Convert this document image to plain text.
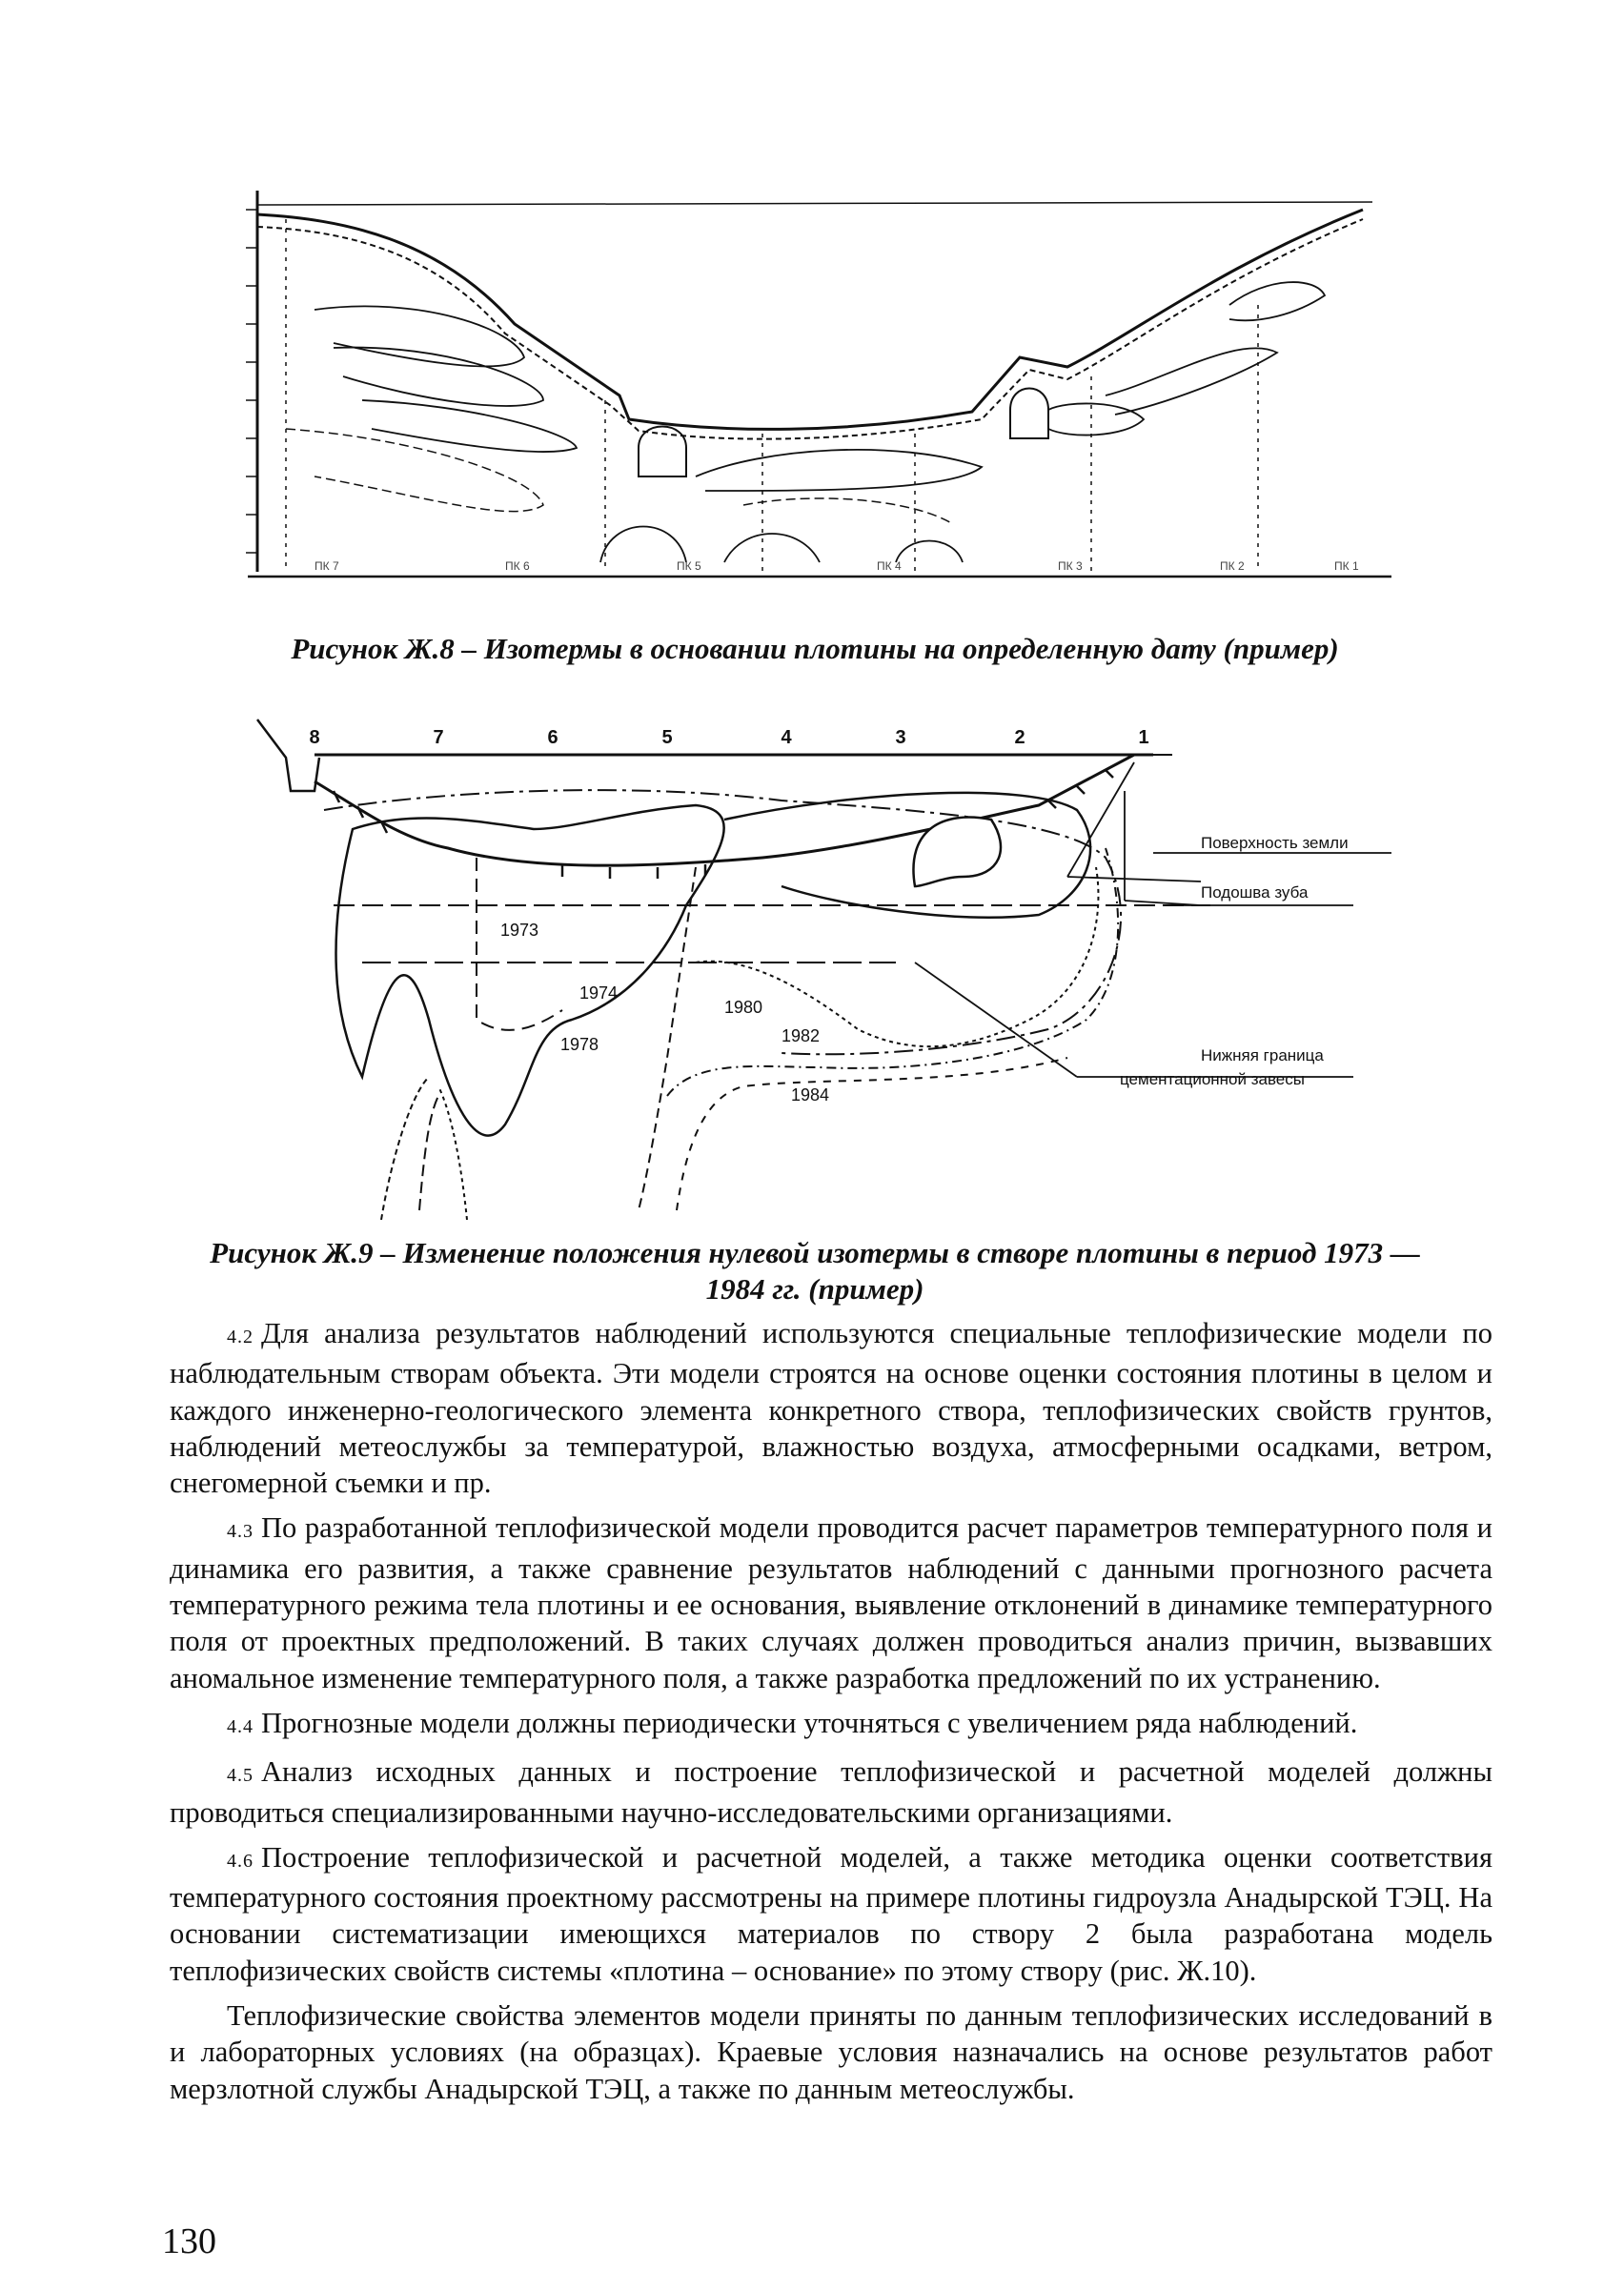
ПК 7	ПК 6	ПК 5	ПК 4	ПК 3	ПК 2	ПК 1
Рисунок Ж.8 – Изотермы в основании плотины на определенную дату (пример)
8	7	6	5	4	3	2	1
1973
1974
1978
1980
1982
1984
Поверхность земли
Подошва зуба
Нижняя граница
цементационной завесы
Рисунок Ж.9 – Изменение положения нулевой изотермы в створе плотины в период 1973 —
1984 гг. (пример)

4.2 Для анализа результатов наблюдений используются специальные теплофизические модели по наблюдательным створам объекта. Эти модели строятся на основе оценки состояния плотины в целом и каждого инженерно-геологического элемента конкретного створа, теплофизических свойств грунтов, наблюдений метеослужбы за температурой, влажностью воздуха, атмосферными осадками, ветром, снегомерной съемки и пр.

4.3 По разработанной теплофизической модели проводится расчет параметров температурного поля и динамика его развития, а также сравнение результатов наблюдений с данными прогнозного расчета температурного режима тела плотины и ее основания, выявление отклонений в динамике температурного поля от проектных предположений. В таких случаях должен проводиться анализ причин, вызвавших аномальное изменение температурного поля, а также разработка предложений по их устранению.

4.4 Прогнозные модели должны периодически уточняться с увеличением ряда наблюдений.

4.5 Анализ исходных данных и построение теплофизической и расчетной моделей должны проводиться специализированными научно-исследовательскими организациями.

4.6 Построение теплофизической и расчетной моделей, а также методика оценки соответствия температурного состояния проектному рассмотрены на примере плотины гидроузла Анадырской ТЭЦ. На основании систематизации имеющихся материалов по створу 2 была разработана модель теплофизических свойств системы «плотина – основание» по этому створу (рис. Ж.10).

Теплофизические свойства элементов модели приняты по данным теплофизических исследований в и лабораторных условиях (на образцах). Краевые условия назначались на основе результатов работ мерзлотной службы Анадырской ТЭЦ, а также по данным метеослужбы.

130
